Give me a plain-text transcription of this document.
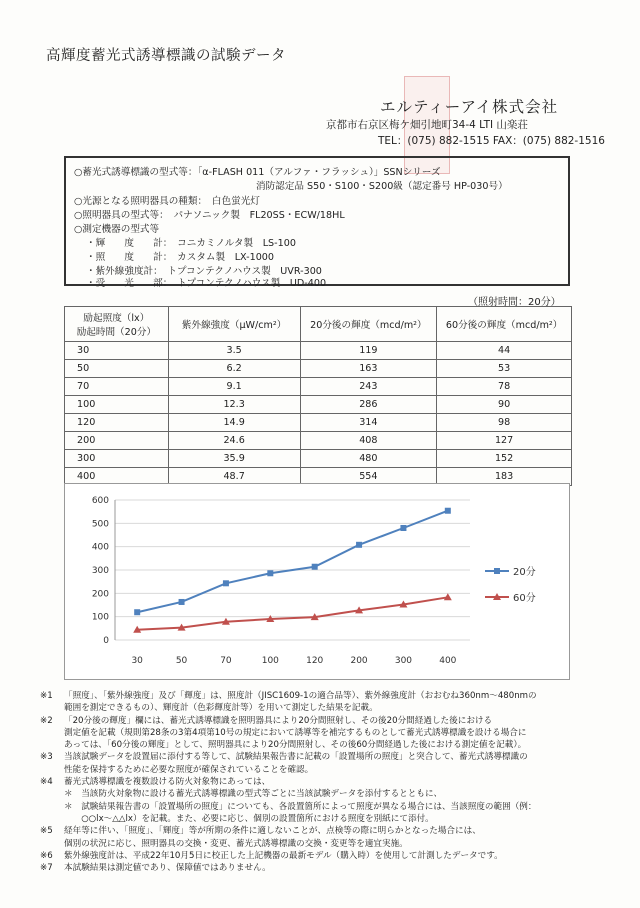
高輝度蓄光式誘導標識の試験データ
エルティーアイ株式会社
京都市右京区梅ケ畑引地町34-4 LTI 山楽荘
TEL：(075) 882-1515 FAX：(075) 882-1516
○蓄光式誘導標識の型式等：「α-FLASH 011（アルファ・フラッシュ）」SSNシリーズ
消防認定品 S50・S100・S200級（認定番号 HP-030号）
○光源となる照明器具の種類：　白色蛍光灯
○照明器具の型式等：　パナソニック製　FL20SS・ECW/18HL
○測定機器の型式等
・輝　　度　　計：　コニカミノルタ製　LS-100
・照　　度　　計：　カスタム製　LX-1000
・紫外線強度計：　トプコンテクノハウス製　UVR-300
・受　　光　　部：　トプコンテクノハウス製　UD-400
（照射時間：20分）
励起照度（lx）
励起時間（20分）	紫外線強度（μW/cm²）	20分後の輝度（mcd/m²）	60分後の輝度（mcd/m²）
30	3.5	119	44
50	6.2	163	53
70	9.1	243	78
100	12.3	286	90
120	14.9	314	98
200	24.6	408	127
300	35.9	480	152
400	48.7	554	183
0
100
200
300
400
500
600
30	50	70	100	120	200	300	400
20分
60分
※1 「照度」、「紫外線強度」及び「輝度」は、照度計（JISC1609-1の適合品等）、紫外線強度計（おおむね360nm～480nmの
範囲を測定できるもの）、輝度計（色彩輝度計等）を用いて測定した結果を記載。
※2 「20分後の輝度」欄には、蓄光式誘導標識を照明器具により20分間照射し、その後20分間経過した後における
測定値を記載（規則第28条の3第4項第10号の規定において誘導等を補完するものとして蓄光式誘導標識を設ける場合に
あっては、「60分後の輝度」として、照明器具により20分間照射し、その後60分間経過した後における測定値を記載）。
※3 当該試験データを設置届に添付する等して、試験結果報告書に記載の「設置場所の照度」と突合して、蓄光式誘導標識の
性能を保持するために必要な照度が確保されていることを確認。
※4 蓄光式誘導標識を複数設ける防火対象物にあっては、
＊　当該防火対象物に設ける蓄光式誘導標識の型式等ごとに当該試験データを添付するとともに、
＊　試験結果報告書の「設置場所の照度」についても、各設置箇所によって照度が異なる場合には、当該照度の範囲（例：
　　○○lx～△△lx）を記載。また、必要に応じ、個別の設置箇所における照度を別紙にて添付。
※5 経年等に伴い、「照度」、「輝度」等が所期の条件に適しないことが、点検等の際に明らかとなった場合には、
個別の状況に応じ、照明器具の交換・変更、蓄光式誘導標識の交換・変更等を適宜実施。
※6 紫外線強度計は、平成22年10月5日に校正した上記機器の最新モデル（購入時）を使用して計測したデータです。
※7 本試験結果は測定値であり、保障値ではありません。
